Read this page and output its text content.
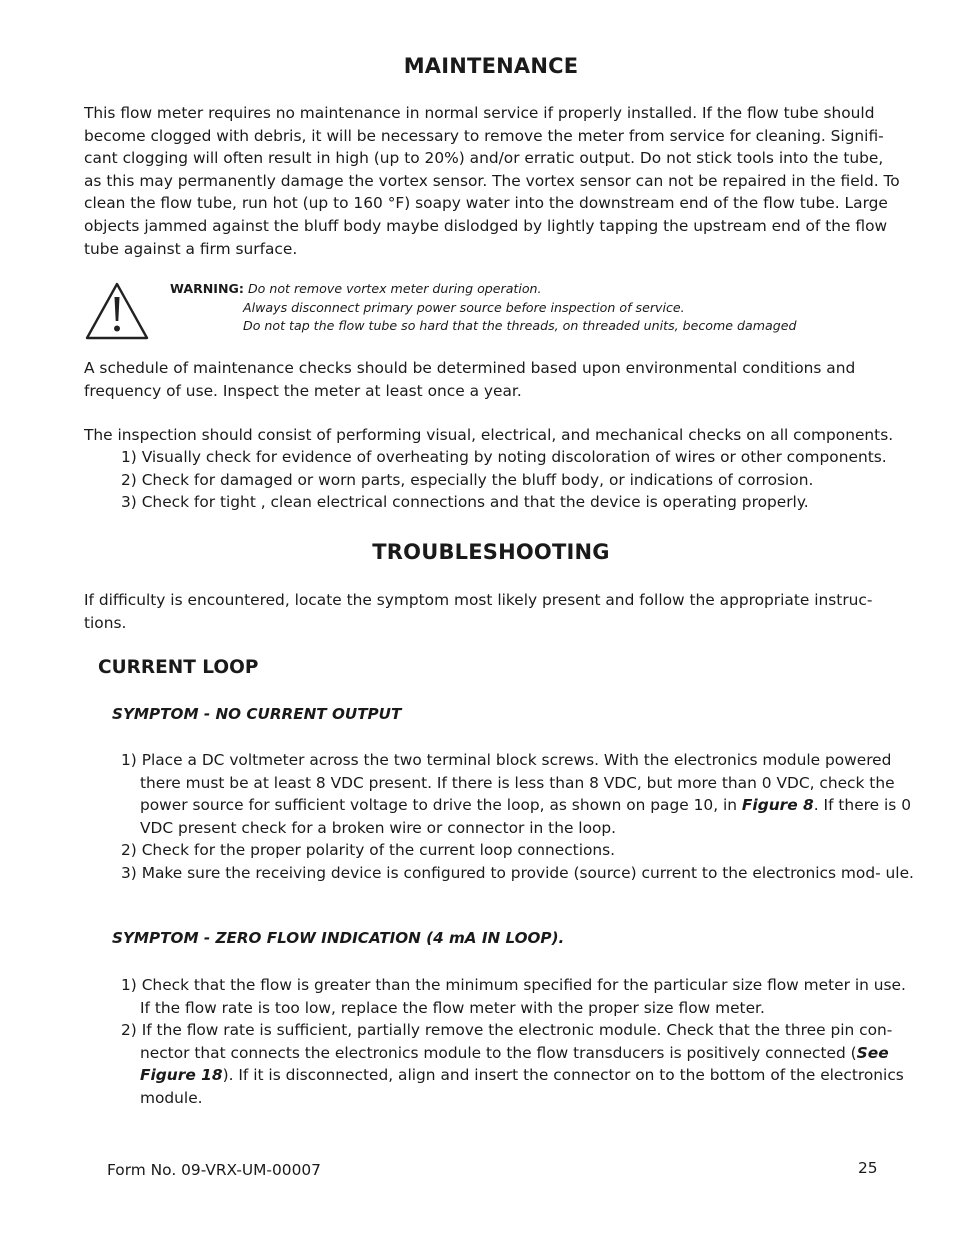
MAINTENANCE
This flow meter requires no maintenance in normal service if properly installed. If the flow tube should
become clogged with debris, it will be necessary to remove the meter from service for cleaning. Signifi-
cant clogging will often result in high (up to 20%) and/or erratic output. Do not stick tools into the tube,
as this may permanently damage the vortex sensor. The vortex sensor can not be repaired in the field. To
clean the flow tube, run hot (up to 160 °F) soapy water into the downstream end of the flow tube. Large
objects jammed against the bluff body maybe dislodged by lightly tapping the upstream end of the flow
tube against a firm surface.
WARNING: Do not remove vortex meter during operation.
Always disconnect primary power source before inspection of service.
Do not tap the flow tube so hard that the threads, on threaded units, become damaged
A schedule of maintenance checks should be determined based upon environmental conditions and
frequency of use. Inspect the meter at least once a year.
The inspection should consist of performing visual, electrical, and mechanical checks on all components.
1) Visually check for evidence of overheating by noting discoloration of wires or other components.
2) Check for damaged or worn parts, especially the bluff body, or indications of corrosion.
3) Check for tight , clean electrical connections and that the device is operating properly.
TROUBLESHOOTING
If difficulty is encountered, locate the symptom most likely present and follow the appropriate instruc-
tions.
CURRENT LOOP
SYMPTOM - NO CURRENT OUTPUT
1) Place a DC voltmeter across the two terminal block screws. With the electronics module powered there must be at least 8 VDC present. If there is less than 8 VDC, but more than 0 VDC, check the power source for sufficient voltage to drive the loop, as shown on page 10, in Figure 8. If there is 0 VDC present check for a broken wire or connector in the loop.
2) Check for the proper polarity of the current loop connections.
3) Make sure the receiving device is configured to provide (source) current to the electronics mod- ule.
SYMPTOM - ZERO FLOW INDICATION (4 mA IN LOOP).
1) Check that the flow is greater than the minimum specified for the particular size flow meter in use. If the flow rate is too low, replace the flow meter with the proper size flow meter.
2) If the flow rate is sufficient, partially remove the electronic module. Check that the three pin con- nector that connects the electronics module to the flow transducers is positively connected (See Figure 18). If it is disconnected, align and insert the connector on to the bottom of the electronics module.
Form No. 09-VRX-UM-00007	25
